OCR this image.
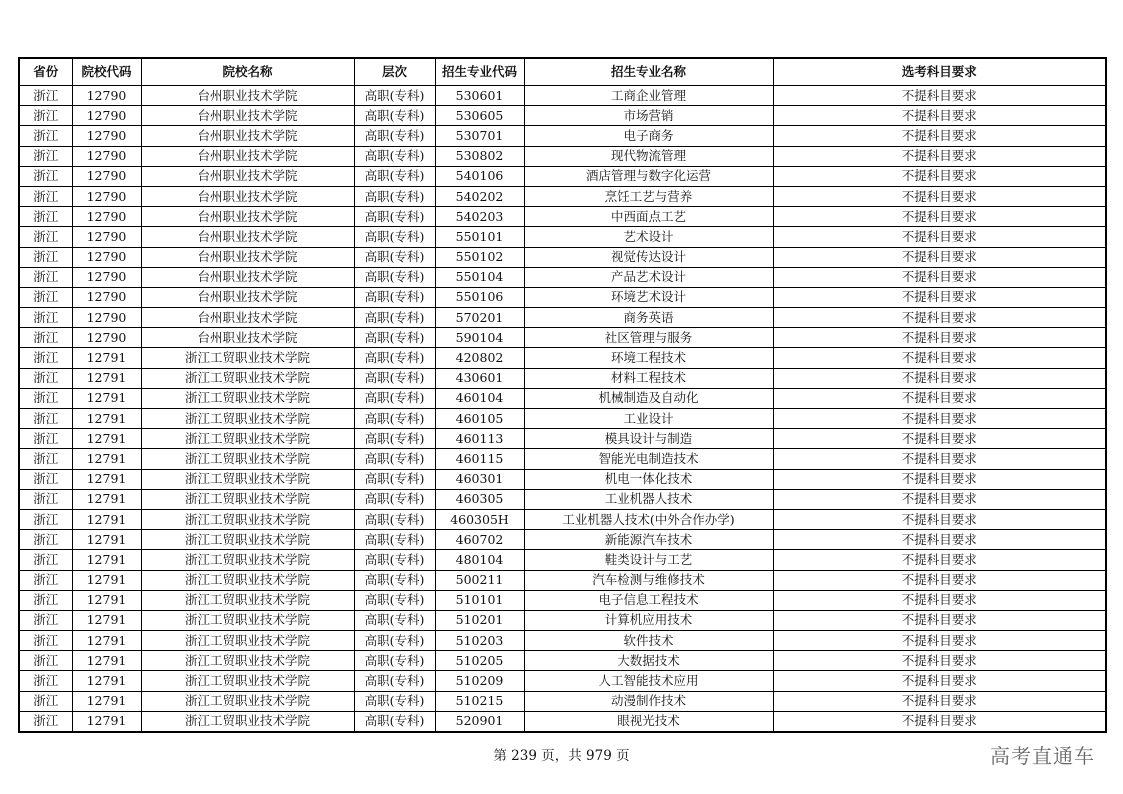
省份	院校代码	院校名称	层次	招生专业代码	招生专业名称	选考科目要求
浙江	12790	台州职业技术学院	高职(专科)	530601	工商企业管理	不提科目要求
浙江	12790	台州职业技术学院	高职(专科)	530605	市场营销	不提科目要求
浙江	12790	台州职业技术学院	高职(专科)	530701	电子商务	不提科目要求
浙江	12790	台州职业技术学院	高职(专科)	530802	现代物流管理	不提科目要求
浙江	12790	台州职业技术学院	高职(专科)	540106	酒店管理与数字化运营	不提科目要求
浙江	12790	台州职业技术学院	高职(专科)	540202	烹饪工艺与营养	不提科目要求
浙江	12790	台州职业技术学院	高职(专科)	540203	中西面点工艺	不提科目要求
浙江	12790	台州职业技术学院	高职(专科)	550101	艺术设计	不提科目要求
浙江	12790	台州职业技术学院	高职(专科)	550102	视觉传达设计	不提科目要求
浙江	12790	台州职业技术学院	高职(专科)	550104	产品艺术设计	不提科目要求
浙江	12790	台州职业技术学院	高职(专科)	550106	环境艺术设计	不提科目要求
浙江	12790	台州职业技术学院	高职(专科)	570201	商务英语	不提科目要求
浙江	12790	台州职业技术学院	高职(专科)	590104	社区管理与服务	不提科目要求
浙江	12791	浙江工贸职业技术学院	高职(专科)	420802	环境工程技术	不提科目要求
浙江	12791	浙江工贸职业技术学院	高职(专科)	430601	材料工程技术	不提科目要求
浙江	12791	浙江工贸职业技术学院	高职(专科)	460104	机械制造及自动化	不提科目要求
浙江	12791	浙江工贸职业技术学院	高职(专科)	460105	工业设计	不提科目要求
浙江	12791	浙江工贸职业技术学院	高职(专科)	460113	模具设计与制造	不提科目要求
浙江	12791	浙江工贸职业技术学院	高职(专科)	460115	智能光电制造技术	不提科目要求
浙江	12791	浙江工贸职业技术学院	高职(专科)	460301	机电一体化技术	不提科目要求
浙江	12791	浙江工贸职业技术学院	高职(专科)	460305	工业机器人技术	不提科目要求
浙江	12791	浙江工贸职业技术学院	高职(专科)	460305H	工业机器人技术(中外合作办学)	不提科目要求
浙江	12791	浙江工贸职业技术学院	高职(专科)	460702	新能源汽车技术	不提科目要求
浙江	12791	浙江工贸职业技术学院	高职(专科)	480104	鞋类设计与工艺	不提科目要求
浙江	12791	浙江工贸职业技术学院	高职(专科)	500211	汽车检测与维修技术	不提科目要求
浙江	12791	浙江工贸职业技术学院	高职(专科)	510101	电子信息工程技术	不提科目要求
浙江	12791	浙江工贸职业技术学院	高职(专科)	510201	计算机应用技术	不提科目要求
浙江	12791	浙江工贸职业技术学院	高职(专科)	510203	软件技术	不提科目要求
浙江	12791	浙江工贸职业技术学院	高职(专科)	510205	大数据技术	不提科目要求
浙江	12791	浙江工贸职业技术学院	高职(专科)	510209	人工智能技术应用	不提科目要求
浙江	12791	浙江工贸职业技术学院	高职(专科)	510215	动漫制作技术	不提科目要求
浙江	12791	浙江工贸职业技术学院	高职(专科)	520901	眼视光技术	不提科目要求
第 239 页，共 979 页	高考直通车
